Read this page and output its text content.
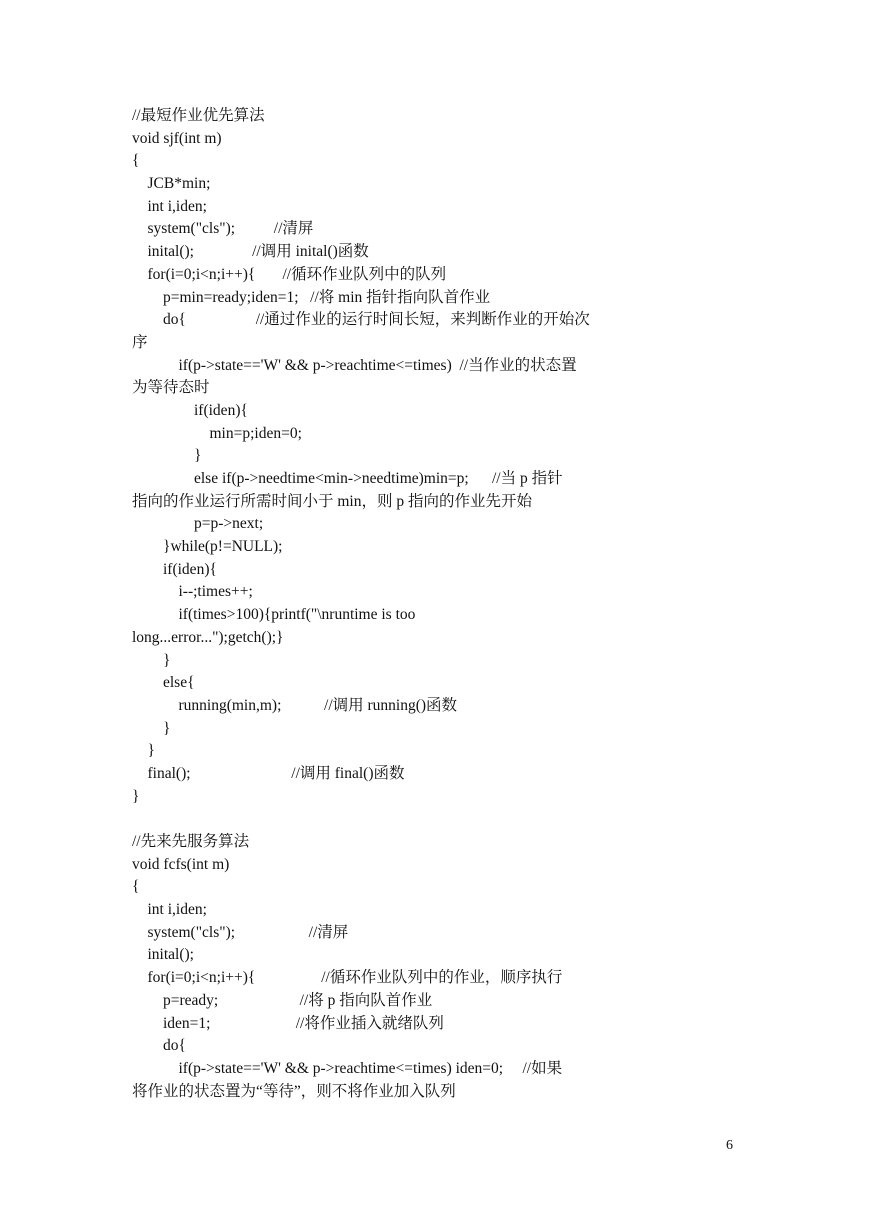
//最短作业优先算法
void sjf(int m)
{
JCB*min;
int i,iden;
system("cls");          //清屏
inital();               //调用 inital()函数
for(i=0;i<n;i++){       //循环作业队列中的队列
p=min=ready;iden=1;   //将 min 指针指向队首作业
do{                  //通过作业的运行时间长短，来判断作业的开始次
序
if(p->state=='W' && p->reachtime<=times)  //当作业的状态置
为等待态时
if(iden){
min=p;iden=0;
}
else if(p->needtime<min->needtime)min=p;      //当 p 指针
指向的作业运行所需时间小于 min，则 p 指向的作业先开始
p=p->next;
}while(p!=NULL);
if(iden){
i--;times++;
if(times>100){printf("\nruntime is too
long...error...");getch();}
}
else{
running(min,m);           //调用 running()函数
}
}
final();                          //调用 final()函数
}
//先来先服务算法
void fcfs(int m)
{
int i,iden;
system("cls");                   //清屏
inital();
for(i=0;i<n;i++){                 //循环作业队列中的作业，顺序执行
p=ready;                     //将 p 指向队首作业
iden=1;                      //将作业插入就绪队列
do{
if(p->state=='W' && p->reachtime<=times) iden=0;     //如果
将作业的状态置为“等待”，则不将作业加入队列
6
